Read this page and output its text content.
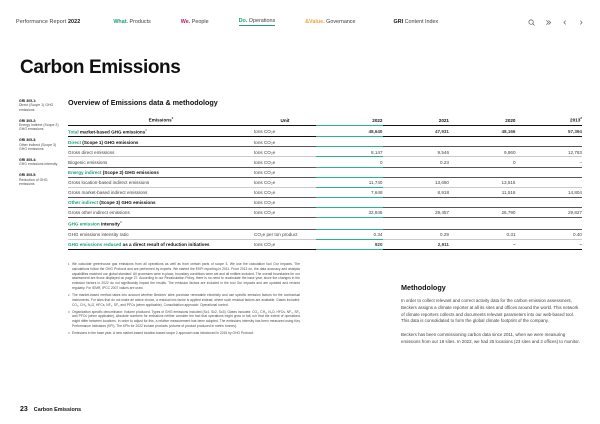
Performance Report 2022	What. Products	We. People	Do. Operations	&Value. Governance	GRI Content Index
Carbon Emissions
GRI 305-1:
Direct (Scope 1) GHG emissions
GRI 305-2:
Energy indirect (Scope 2) GHG emissions
GRI 305-3:
Other indirect (Scope 3) GHG emissions
GRI 305-4:
GHG emissions intensity
GRI 305-5:
Reduction of GHG emissions
Overview of Emissions data & methodology
Emissions$^1$	Unit	2022	2021	2020	2013$^2$
Total market-based GHG emissions$^2$	tons CO₂e	48,640	47,931	48,166	57,394
Direct (Scope 1) GHG emissions	tons CO₂e				
Gross direct emissions	tons CO₂e	8,147	9,546	9,860	12,763
Biogenic emissions	tons CO₂e	0	0.23	0	–
Energy indirect (Scope 2) GHG emissions	tons CO₂e				
Gross location-based indirect emissions	tons CO₂e	11,740	13,650	13,516	
Gross market-based indirect emissions	tons CO₂e	7,648	8,918	11,516	14,804
Other indirect (Scope 3) GHG emissions	tons CO₂e				
Gross other indirect emissions	tons CO₂e	32,845	29,457	26,790	29,827
GHG emission intensity$^3$					
GHG emissions intensity ratio	CO₂e per ton product	0.34	0.29	0.31	0.40
GHG emissions reduced as a direct result of reduction initiatives	tons CO₂e	920	2,911	–	–
1 We calculate greenhouse gas emissions from all operations as well as from certain parts of scope 3. We use the calculation tool Our Impacts. The calculations follow the GHG Protocol and are performed by experts. We started the EKPI reporting in 2011. From 2013 on, the data accuracy and analysis capabilities matched our global standard. All processes were in place, boundary conditions were set and all entities included. The overall boundaries for our assessment are those displayed on page 27. According to our Recalculation Policy, there is no need to recalculate the base year, since the changes in the emission factors in 2022 do not significantly impact the results. The emission factors are included in the tool Our Impacts and are updated and revised regularly. For IEMR, IPCC 2007 values are used.
2 The market-based method takes into account whether Beckers' sites purchase renewable electricity and use specific emission factors for the contractual instruments. For sites that do not make an active choice, a residual mix factor is applied instead, where such residual factors are available. Gases included: CO₂, CH₄, N₂O, HFCs, NF₃, SF₆ and PFCs (when applicable). Consolidation approach: Operational control.
3 Organization specific denominator: Volume produced. Types of GHG emissions included (Sc1, Sc2, Sc3). Gases included: CO₂, CH₄, N₂O, HFCs, NF₃, SF₆ and PFCs (when applicable). Absolute numbers for emissions neither consider the fact that operations might grow or fall, nor that the extent of operations might differ between locations. In order to adjust for this, a relative measurement has been adopted. The emissions intensity has been measured using Key Performance Indicators (KPI). The KPIs for 2022 include products (volume of product produced in metric tonnes).
4 Emissions in the base year. A new market-based location-based scope 2 approach was introduced in 2015 by GHG Protocol.
Methodology

In order to collect relevant and correct activity data for the carbon emission assessment, Beckers assigns a climate reporter at all its sites and offices around the world. This network of climate reporters collects and documents relevant parameters into our web-based tool. This data is consolidated to form the global climate footprint of the company.

Beckers has been commissioning carbon data since 2011, when we were measuring emissions from our 18 sites. In 2022, we had 25 locations (23 sites and 2 offices) to monitor.

23 Carbon Emissions
